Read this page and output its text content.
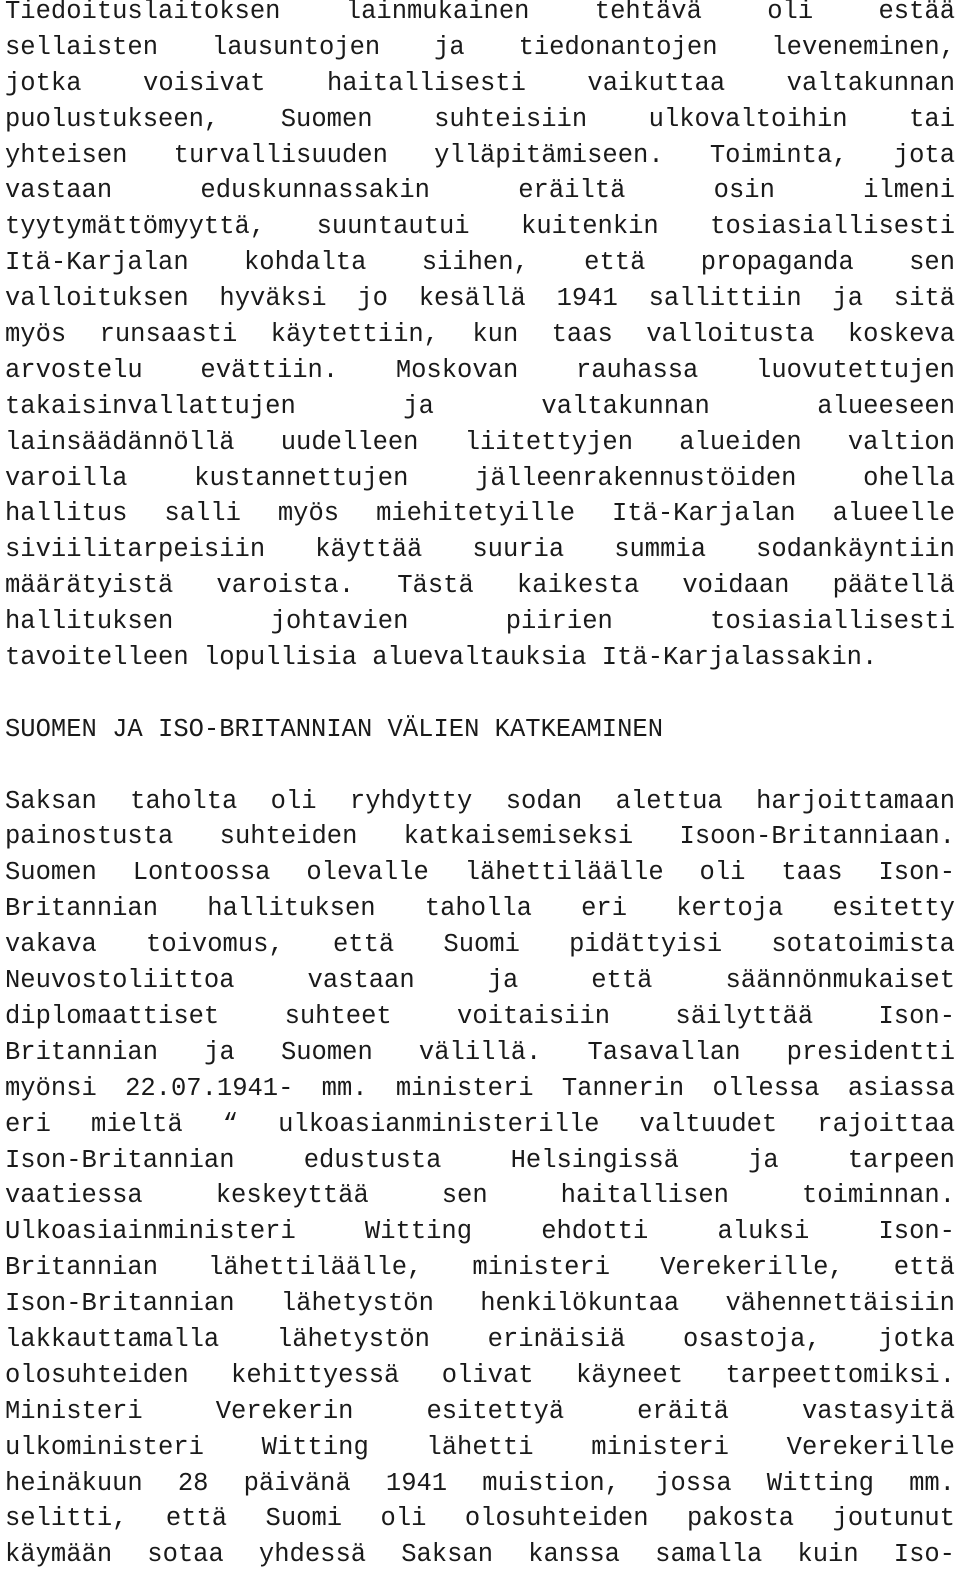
Tiedoituslaitoksen lainmukainen tehtävä oli estää
sellaisten lausuntojen ja tiedonantojen leveneminen,
jotka voisivat haitallisesti vaikuttaa valtakunnan
puolustukseen, Suomen suhteisiin ulkovaltoihin tai
yhteisen turvallisuuden ylläpitämiseen. Toiminta, jota
vastaan eduskunnassakin eräiltä osin ilmeni
tyytymättömyyttä, suuntautui kuitenkin tosiasiallisesti
Itä-Karjalan kohdalta siihen, että propaganda sen
valloituksen hyväksi jo kesällä 1941 sallittiin ja sitä
myös runsaasti käytettiin, kun taas valloitusta koskeva
arvostelu evättiin. Moskovan rauhassa luovutettujen
takaisinvallattujen ja valtakunnan alueeseen
lainsäädännöllä uudelleen liitettyjen alueiden valtion
varoilla kustannettujen jälleenrakennustöiden ohella
hallitus salli myös miehitetyille Itä-Karjalan alueelle
siviilitarpeisiin käyttää suuria summia sodankäyntiin
määrätyistä varoista. Tästä kaikesta voidaan päätellä
hallituksen johtavien piirien tosiasiallisesti
tavoitelleen lopullisia aluevaltauksia Itä-Karjalassakin.
SUOMEN JA ISO-BRITANNIAN VÄLIEN KATKEAMINEN
Saksan taholta oli ryhdytty sodan alettua harjoittamaan
painostusta suhteiden katkaisemiseksi Isoon-Britanniaan.
Suomen Lontoossa olevalle lähettiläälle oli taas Ison-
Britannian hallituksen taholla eri kertoja esitetty
vakava toivomus, että Suomi pidättyisi sotatoimista
Neuvostoliittoa vastaan ja että säännönmukaiset
diplomaattiset suhteet voitaisiin säilyttää Ison-
Britannian ja Suomen välillä. Tasavallan presidentti
myönsi 22.07.1941- mm. ministeri Tannerin ollessa asiassa
eri mieltä “ ulkoasianministerille valtuudet rajoittaa
Ison-Britannian edustusta Helsingissä ja tarpeen
vaatiessa keskeyttää sen haitallisen toiminnan.
Ulkoasiainministeri Witting ehdotti aluksi Ison-
Britannian lähettiläälle, ministeri Verekerille, että
Ison-Britannian lähetystön henkilökuntaa vähennettäisiin
lakkauttamalla lähetystön erinäisiä osastoja, jotka
olosuhteiden kehittyessä olivat käyneet tarpeettomiksi.
Ministeri Verekerin esitettyä eräitä vastasyitä
ulkoministeri Witting lähetti ministeri Verekerille
heinäkuun 28 päivänä 1941 muistion, jossa Witting mm.
selitti, että Suomi oli olosuhteiden pakosta joutunut
käymään sotaa yhdessä Saksan kanssa samalla kuin Iso-
